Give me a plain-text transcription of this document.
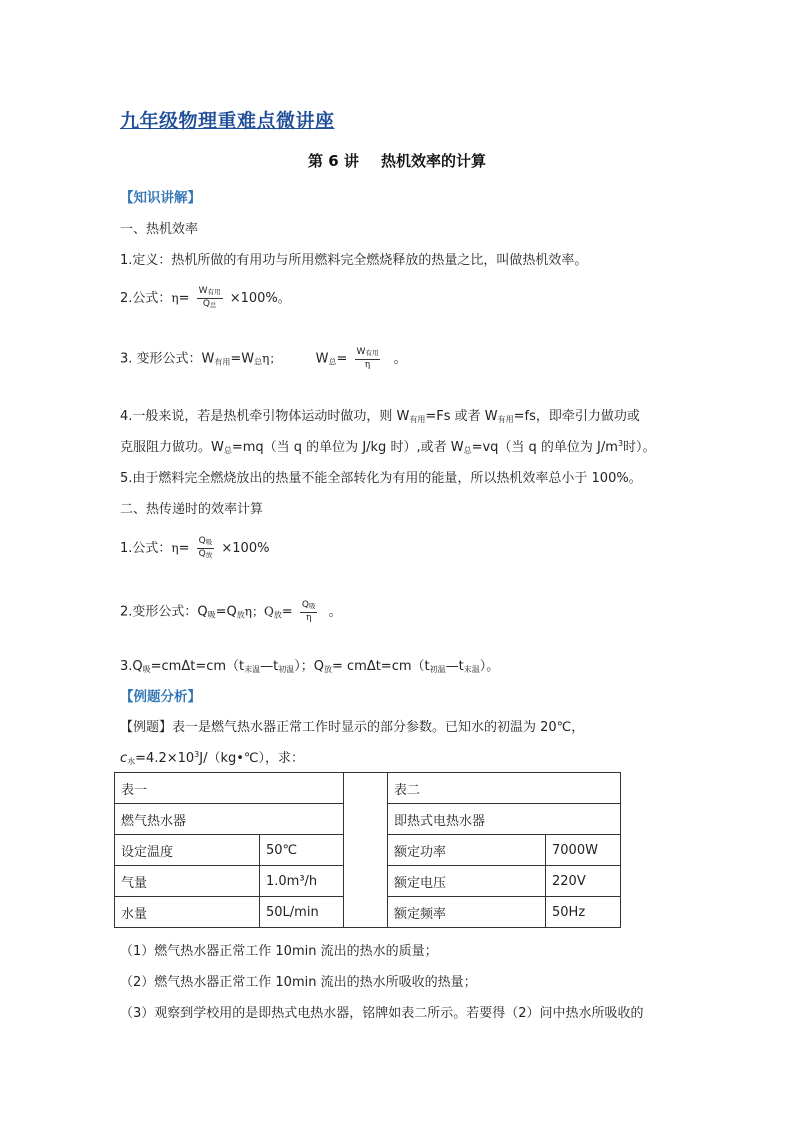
九年级物理重难点微讲座
第 6 讲 热机效率的计算
【知识讲解】
一、热机效率
1.定义：热机所做的有用功与所用燃料完全燃烧释放的热量之比，叫做热机效率。
2.公式：$\eta= \frac{\text{W有用}}{\text{Q总}} \times 100\%$。
3. 变形公式：$W_{有用}=W_总\eta$；	$W_总= \frac{\text{W有用}}{\eta}$ 。
4.一般来说，若是热机牵引物体运动时做功，则 $W_{有用}=Fs$ 或者 $W_{有用}=fs$，即牵引力做功或
克服阻力做功。$W_总=mq$（当 q 的单位为 J/kg 时）,或者 $W_总=vq$（当 q 的单位为 $J/m^3$时）。
5.由于燃料完全燃烧放出的热量不能全部转化为有用的能量，所以热机效率总小于 100%。
二、热传递时的效率计算
1.公式：$\eta= \frac{\text{Q吸}}{\text{Q放}} \times 100\%$
2.变形公式：$Q_吸=Q_放\eta$；$Q_放= \frac{\text{Q吸}}{\eta}$ 。
$3.Q_吸=cm\Delta t=cm(t_{末温}—t_{初温})$；$Q_放=$ $cm\Delta t=cm(t_{初温}—t_{末温})$。
【例题分析】
【例题】表一是燃气热水器正常工作时显示的部分参数。已知水的初温为 20℃，
$c_水=4.2\times 10^3J/(kg•℃)$，求：
表一			表二	
燃气热水器			即热式电热水器	
设定温度	50℃		额定功率	7000W
气量	1.0m³/h		额定电压	220V
水量	50L/min		额定频率	50Hz
（1）燃气热水器正常工作 10min 流出的热水的质量；
（2）燃气热水器正常工作 10min 流出的热水所吸收的热量；
（3）观察到学校用的是即热式电热水器，铭牌如表二所示。若要得（2）问中热水所吸收的
